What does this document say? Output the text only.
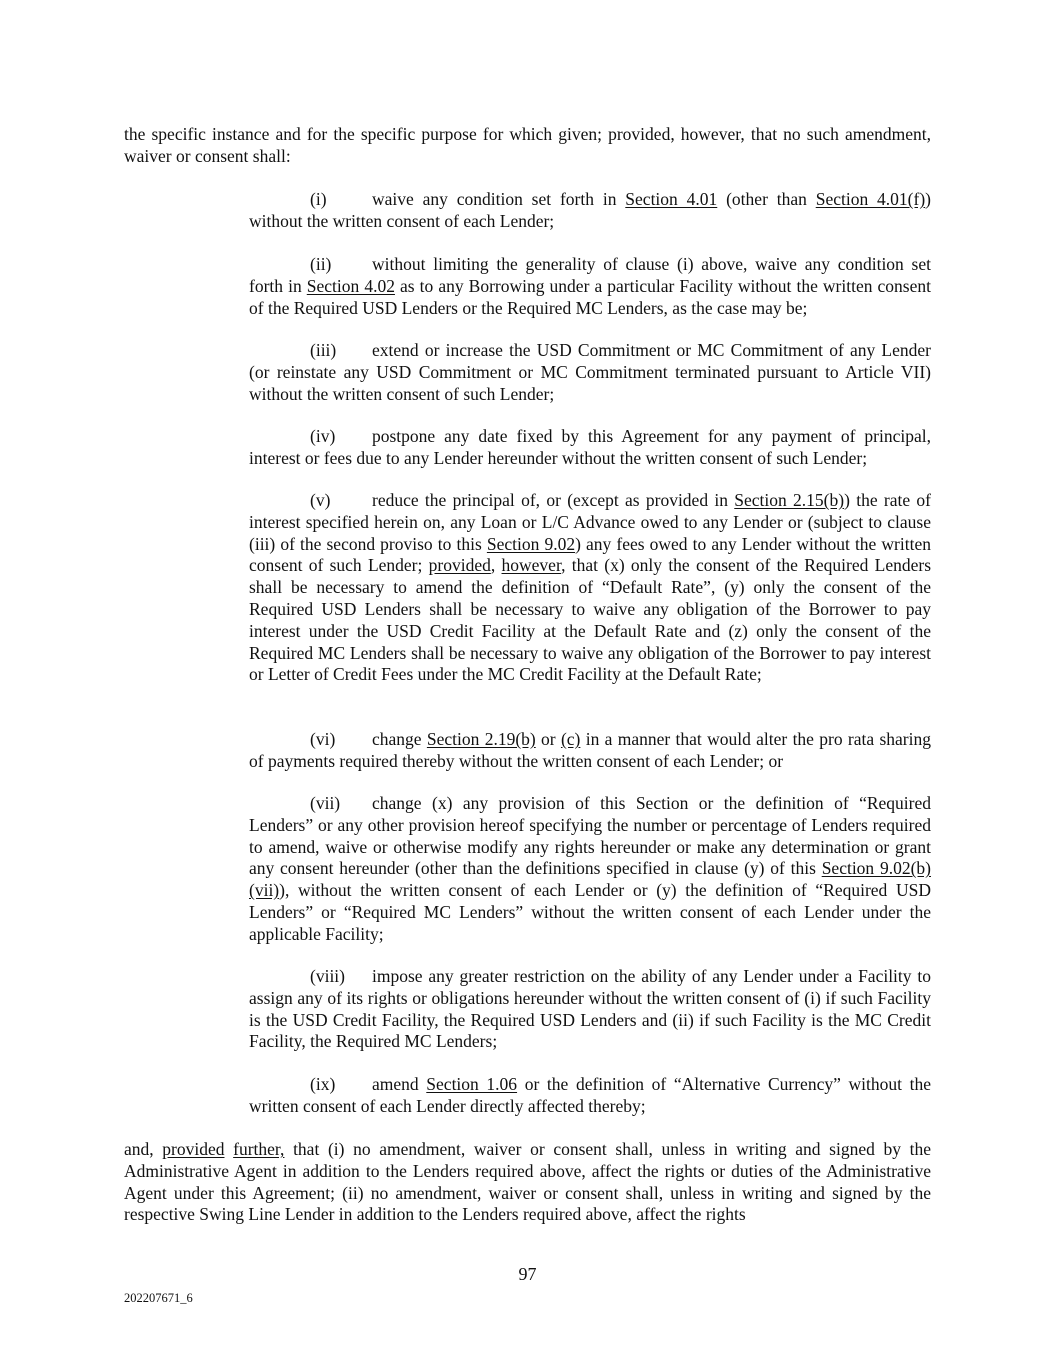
the specific instance and for the specific purpose for which given; provided, however, that no such amendment, waiver or consent shall:

(i)	waive any condition set forth in Section 4.01 (other than Section 4.01(f)) without the written consent of each Lender;

(ii) without limiting the generality of clause (i) above, waive any condition set forth in Section 4.02 as to any Borrowing under a particular Facility without the written consent of the Required USD Lenders or the Required MC Lenders, as the case may be;

(iii) extend or increase the USD Commitment or MC Commitment of any Lender (or reinstate any USD Commitment or MC Commitment terminated pursuant to Article VII) without the written consent of such Lender;

(iv) postpone any date fixed by this Agreement for any payment of principal, interest or fees due to any Lender hereunder without the written consent of such Lender;

(v) reduce the principal of, or (except as provided in Section 2.15(b)) the rate of interest specified herein on, any Loan or L/C Advance owed to any Lender or (subject to clause (iii) of the second proviso to this Section 9.02) any fees owed to any Lender without the written consent of such Lender; provided, however, that (x) only the consent of the Required Lenders shall be necessary to amend the definition of “Default Rate”, (y) only the consent of the Required USD Lenders shall be necessary to waive any obligation of the Borrower to pay interest under the USD Credit Facility at the Default Rate and (z) only the consent of the Required MC Lenders shall be necessary to waive any obligation of the Borrower to pay interest or Letter of Credit Fees under the MC Credit Facility at the Default Rate;

(vi) change Section 2.19(b) or (c) in a manner that would alter the pro rata sharing of payments required thereby without the written consent of each Lender; or

(vii) change (x) any provision of this Section or the definition of “Required Lenders” or any other provision hereof specifying the number or percentage of Lenders required to amend, waive or otherwise modify any rights hereunder or make any determination or grant any consent hereunder (other than the definitions specified in clause (y) of this Section 9.02(b)(vii)), without the written consent of each Lender or (y) the definition of “Required USD Lenders” or “Required MC Lenders” without the written consent of each Lender under the applicable Facility;

(viii) impose any greater restriction on the ability of any Lender under a Facility to assign any of its rights or obligations hereunder without the written consent of (i) if such Facility is the USD Credit Facility, the Required USD Lenders and (ii) if such Facility is the MC Credit Facility, the Required MC Lenders;

(ix) amend Section 1.06 or the definition of “Alternative Currency” without the written consent of each Lender directly affected thereby;

and, provided further, that (i) no amendment, waiver or consent shall, unless in writing and signed by the Administrative Agent in addition to the Lenders required above, affect the rights or duties of the Administrative Agent under this Agreement; (ii) no amendment, waiver or consent shall, unless in writing and signed by the respective Swing Line Lender in addition to the Lenders required above, affect the rights

97
202207671_6
